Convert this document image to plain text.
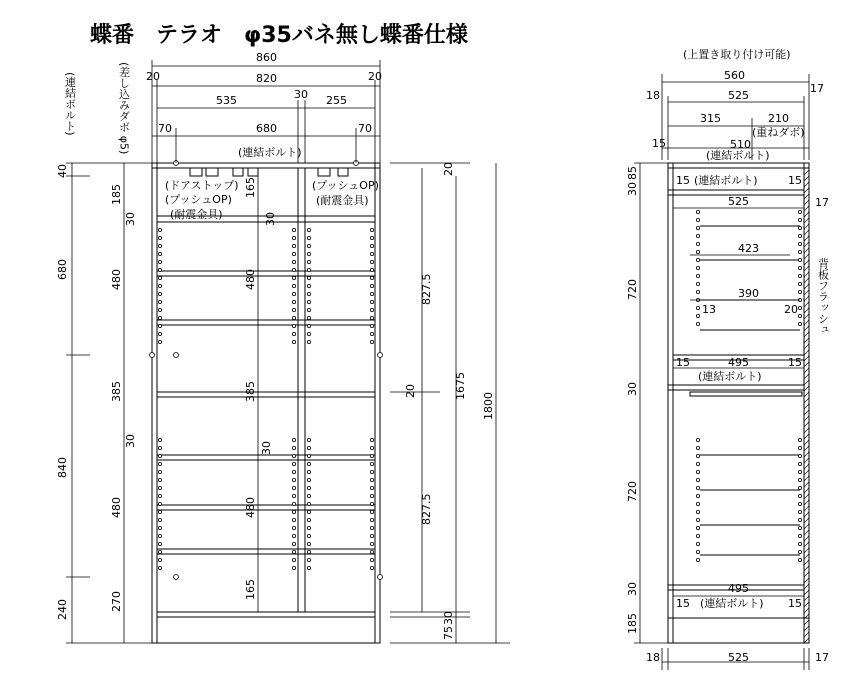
蝶番　テラオ　φ35バネ無し蝶番仕様
(上置き取り付け可能)
860
20	20
820
535	30 255
70	680	70
(連結ボルト)	(差し込みダボ φ5)	(連結ボルト)
(ドアストップ)
(プッシュOP)
(耐震金具)
(プッシュOP)
(耐震金具)
40
680
840
240
185
30
480
385
30
480
270
165
30
480
385
30
480
165
20
827.5
20
827.5
30
75
1675
1800
560
18	525
17
315	210
(重ねダボ)
15	510
(連結ボルト)
(連結ボルト)
(連結ボルト)
(連結ボルト)
背板フラッシュ
15	15
525	17
423
390
13	20
15	495	15
495
15	15
18	525	17
30
85
720
30
720
30
185
